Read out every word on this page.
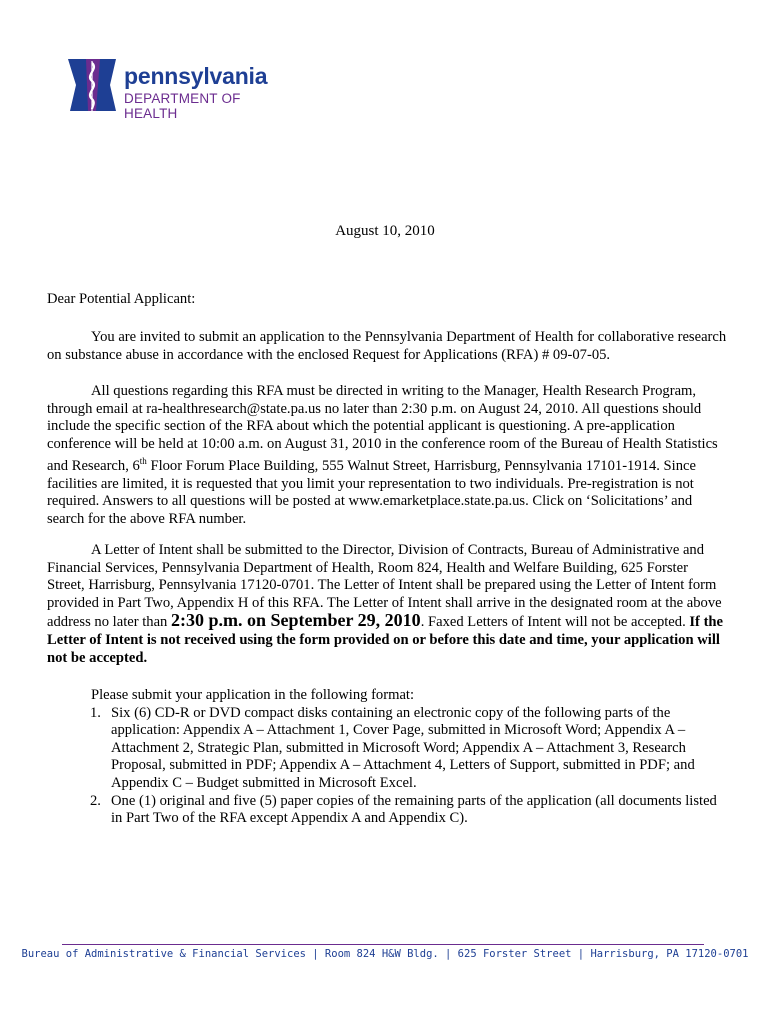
pennsylvania
DEPARTMENT OF HEALTH
August 10, 2010
Dear Potential Applicant:

You are invited to submit an application to the Pennsylvania Department of Health for collaborative research on substance abuse in accordance with the enclosed Request for Applications (RFA) # 09-07-05.

All questions regarding this RFA must be directed in writing to the Manager, Health Research Program, through email at ra-healthresearch@state.pa.us no later than 2:30 p.m. on August 24, 2010. All questions should include the specific section of the RFA about which the potential applicant is questioning. A pre-application conference will be held at 10:00 a.m. on August 31, 2010 in the conference room of the Bureau of Health Statistics and Research, 6th Floor Forum Place Building, 555 Walnut Street, Harrisburg, Pennsylvania 17101-1914. Since facilities are limited, it is requested that you limit your representation to two individuals. Pre-registration is not required. Answers to all questions will be posted at www.emarketplace.state.pa.us. Click on ‘Solicitations’ and search for the above RFA number.

A Letter of Intent shall be submitted to the Director, Division of Contracts, Bureau of Administrative and Financial Services, Pennsylvania Department of Health, Room 824, Health and Welfare Building, 625 Forster Street, Harrisburg, Pennsylvania 17120-0701. The Letter of Intent shall be prepared using the Letter of Intent form provided in Part Two, Appendix H of this RFA. The Letter of Intent shall arrive in the designated room at the above address no later than 2:30 p.m. on September 29, 2010. Faxed Letters of Intent will not be accepted. If the Letter of Intent is not received using the form provided on or before this date and time, your application will not be accepted.

Please submit your application in the following format:

1. Six (6) CD-R or DVD compact disks containing an electronic copy of the following parts of the application: Appendix A – Attachment 1, Cover Page, submitted in Microsoft Word; Appendix A – Attachment 2, Strategic Plan, submitted in Microsoft Word; Appendix A – Attachment 3, Research Proposal, submitted in PDF; Appendix A – Attachment 4, Letters of Support, submitted in PDF; and Appendix C – Budget submitted in Microsoft Excel.
2. One (1) original and five (5) paper copies of the remaining parts of the application (all documents listed in Part Two of the RFA except Appendix A and Appendix C).
Bureau of Administrative & Financial Services | Room 824 H&W Bldg. | 625 Forster Street | Harrisburg, PA 17120-0701
